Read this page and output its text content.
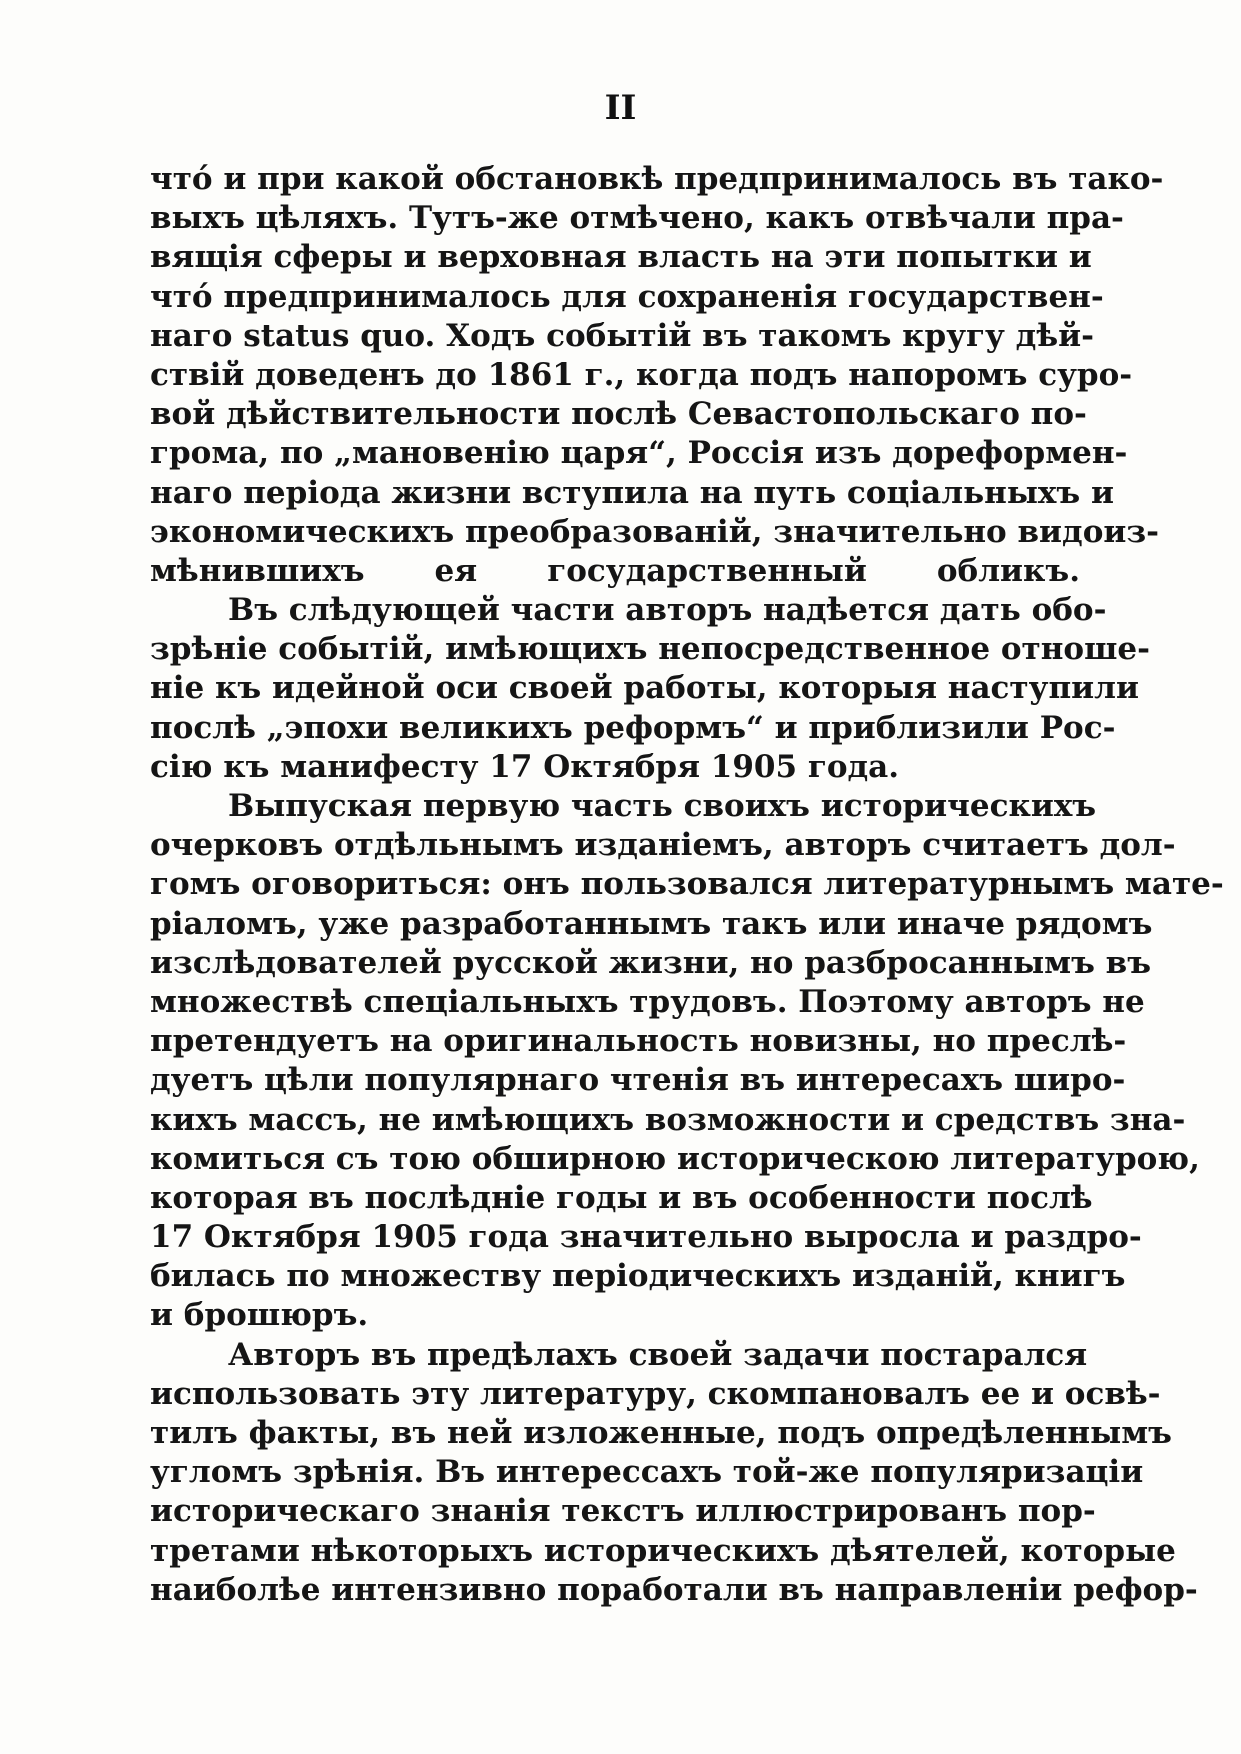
II
что́ и при какой обстановкѣ предпринималось въ тако-
выхъ цѣляхъ. Тутъ-же отмѣчено, какъ отвѣчали пра-
вящія сферы и верховная власть на эти попытки и
что́ предпринималось для сохраненія государствен-
наго status quo. Ходъ событій въ такомъ кругу дѣй-
ствій доведенъ до 1861 г., когда подъ напоромъ суро-
вой дѣйствительности послѣ Севастопольскаго по-
грома, по „мановенію царя“, Россія изъ дореформен-
наго періода жизни вступила на путь соціальныхъ и
экономическихъ преобразованій, значительно видоиз-
мѣнившихъ ея государственный обликъ.
Въ слѣдующей части авторъ надѣется дать обо-
зрѣніе событій, имѣющихъ непосредственное отноше-
ніе къ идейной оси своей работы, которыя наступили
послѣ „эпохи великихъ реформъ“ и приблизили Рос-
сію къ манифесту 17 Октября 1905 года.
Выпуская первую часть своихъ историческихъ
очерковъ отдѣльнымъ изданіемъ, авторъ считаетъ дол-
гомъ оговориться: онъ пользовался литературнымъ мате-
ріаломъ, уже разработаннымъ такъ или иначе рядомъ
изслѣдователей русской жизни, но разбросаннымъ въ
множествѣ спеціальныхъ трудовъ. Поэтому авторъ не
претендуетъ на оригинальность новизны, но преслѣ-
дуетъ цѣли популярнаго чтенія въ интересахъ широ-
кихъ массъ, не имѣющихъ возможности и средствъ зна-
комиться съ тою обширною историческою литературою,
которая въ послѣдніе годы и въ особенности послѣ
17 Октября 1905 года значительно выросла и раздро-
билась по множеству періодическихъ изданій, книгъ
и брошюръ.
Авторъ въ предѣлахъ своей задачи постарался
использовать эту литературу, скомпановалъ ее и освѣ-
тилъ факты, въ ней изложенные, подъ опредѣленнымъ
угломъ зрѣнія. Въ интерессахъ той-же популяризаціи
историческаго знанія текстъ иллюстрированъ пор-
третами нѣкоторыхъ историческихъ дѣятелей, которые
наиболѣе интензивно поработали въ направленіи рефор-
